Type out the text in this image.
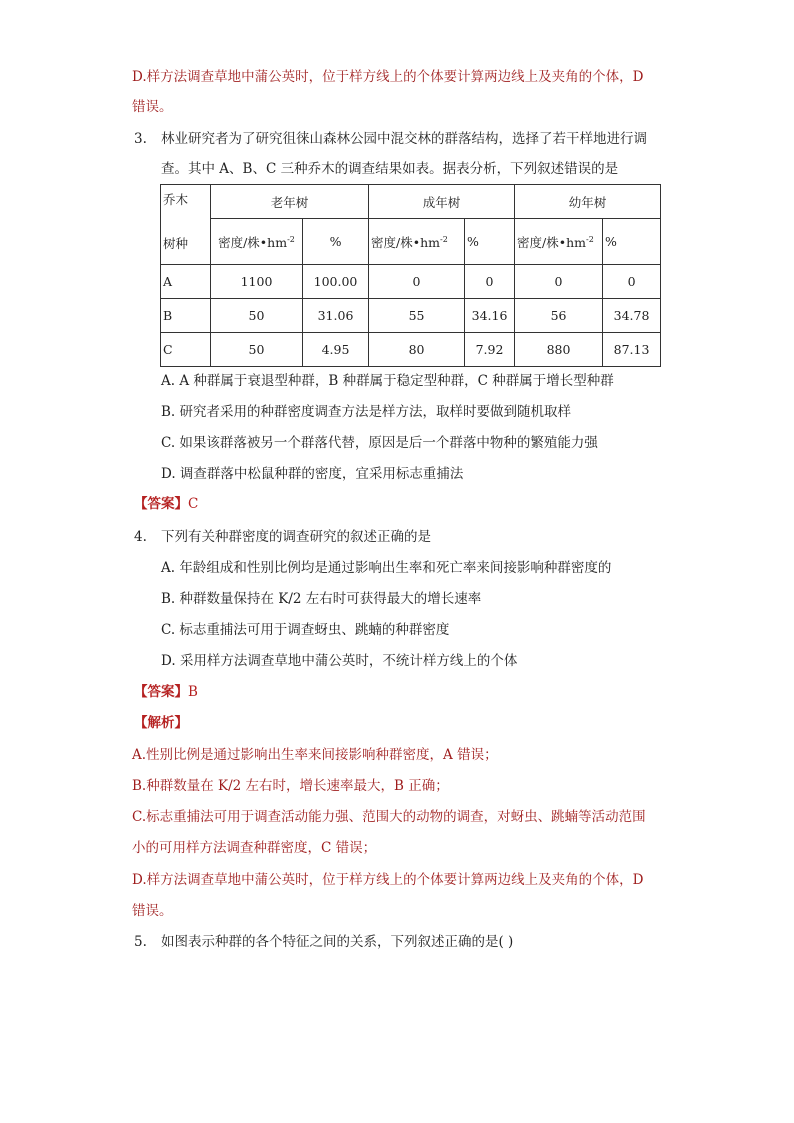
D.样方法调查草地中蒲公英时，位于样方线上的个体要计算两边线上及夹角的个体，D
错误。
3. 林业研究者为了研究徂徕山森林公园中混交林的群落结构，选择了若干样地进行调
查。其中 A、B、C 三种乔木的调查结果如表。据表分析，下列叙述错误的是
乔木
树种	老年树		成年树		幼年树	
	密度/株$•hm^{-2}$	%	密度/株$•hm^{-2}$	%	密度/株$•hm^{-2}$	%
A	1100	100.00	0	0	0	0
B	50	31.06	55	34.16	56	34.78
C	50	4.95	80	7.92	880	87.13
A. A 种群属于衰退型种群，B 种群属于稳定型种群，C 种群属于增长型种群
B. 研究者采用的种群密度调查方法是样方法，取样时要做到随机取样
C. 如果该群落被另一个群落代替，原因是后一个群落中物种的繁殖能力强
D. 调查群落中松鼠种群的密度，宜采用标志重捕法
【答案】C
4. 下列有关种群密度的调查研究的叙述正确的是
A. 年龄组成和性别比例均是通过影响出生率和死亡率来间接影响种群密度的
B. 种群数量保持在 K/2 左右时可获得最大的增长速率
C. 标志重捕法可用于调查蚜虫、跳蝻的种群密度
D. 采用样方法调查草地中蒲公英时，不统计样方线上的个体
【答案】B
【解析】
A.性别比例是通过影响出生率来间接影响种群密度，A 错误；
B.种群数量在 K/2 左右时，增长速率最大，B 正确；
C.标志重捕法可用于调查活动能力强、范围大的动物的调查，对蚜虫、跳蝻等活动范围
小的可用样方法调查种群密度，C 错误；
D.样方法调查草地中蒲公英时，位于样方线上的个体要计算两边线上及夹角的个体，D
错误。
5. 如图表示种群的各个特征之间的关系，下列叙述正确的是( )
